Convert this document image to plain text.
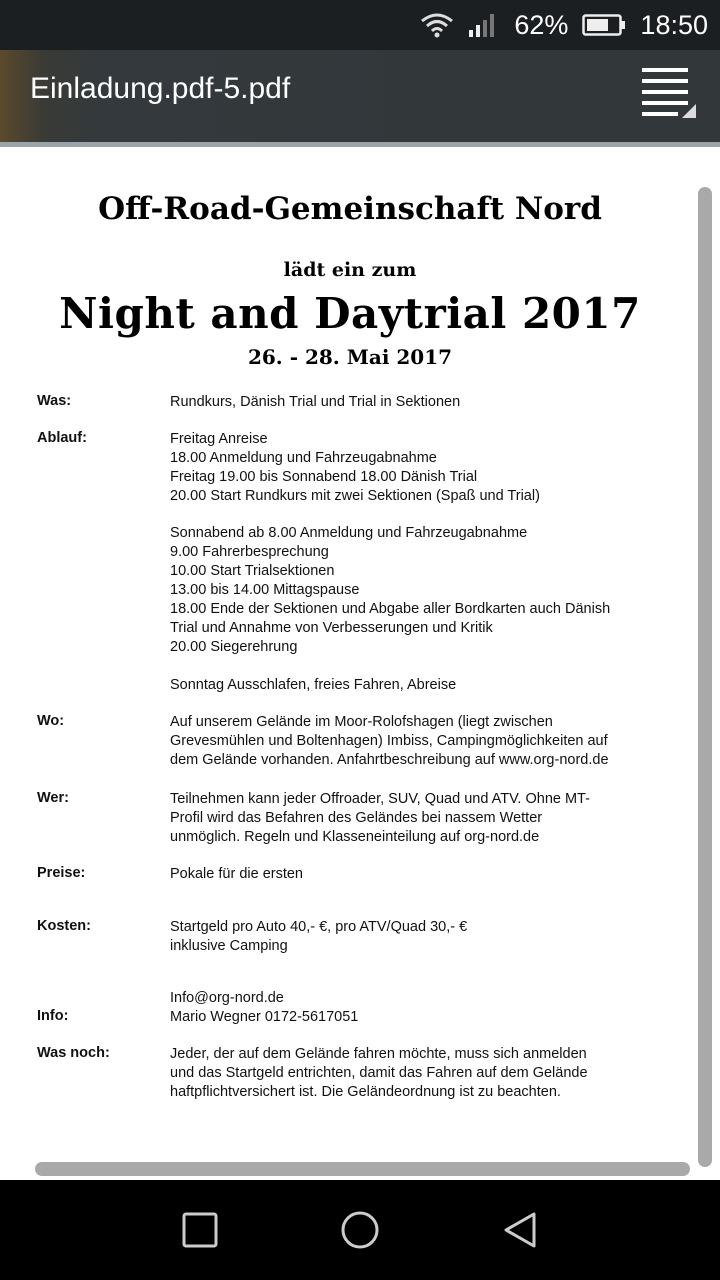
62%	18:50
Einladung.pdf-5.pdf
Off-Road-Gemeinschaft Nord
lädt ein zum
Night and Daytrial 2017
26. - 28. Mai 2017
Was:	Rundkurs, Dänish Trial und Trial in Sektionen
Ablauf:	Freitag Anreise
18.00 Anmeldung und Fahrzeugabnahme
Freitag 19.00 bis Sonnabend 18.00 Dänish Trial
20.00 Start Rundkurs mit zwei Sektionen (Spaß und Trial)
Sonnabend ab 8.00 Anmeldung und Fahrzeugabnahme
9.00 Fahrerbesprechung
10.00 Start Trialsektionen
13.00 bis 14.00 Mittagspause
18.00 Ende der Sektionen und Abgabe aller Bordkarten auch Dänish
Trial und Annahme von Verbesserungen und Kritik
20.00 Siegerehrung
Sonntag Ausschlafen, freies Fahren, Abreise
Wo:	Auf unserem Gelände im Moor-Rolofshagen (liegt zwischen
Grevesmühlen und Boltenhagen) Imbiss, Campingmöglichkeiten auf
dem Gelände vorhanden. Anfahrtbeschreibung auf www.org-nord.de
Wer:	Teilnehmen kann jeder Offroader, SUV, Quad und ATV. Ohne MT-
Profil wird das Befahren des Geländes bei nassem Wetter
unmöglich. Regeln und Klasseneinteilung auf org-nord.de
Preise:	Pokale für die ersten
Kosten:	Startgeld pro Auto 40,- €, pro ATV/Quad 30,- €
inklusive Camping
Info:
Info@org-nord.de
Mario Wegner 0172-5617051
Was noch:	Jeder, der auf dem Gelände fahren möchte, muss sich anmelden
und das Startgeld entrichten, damit das Fahren auf dem Gelände
haftpflichtversichert ist. Die Geländeordnung ist zu beachten.
